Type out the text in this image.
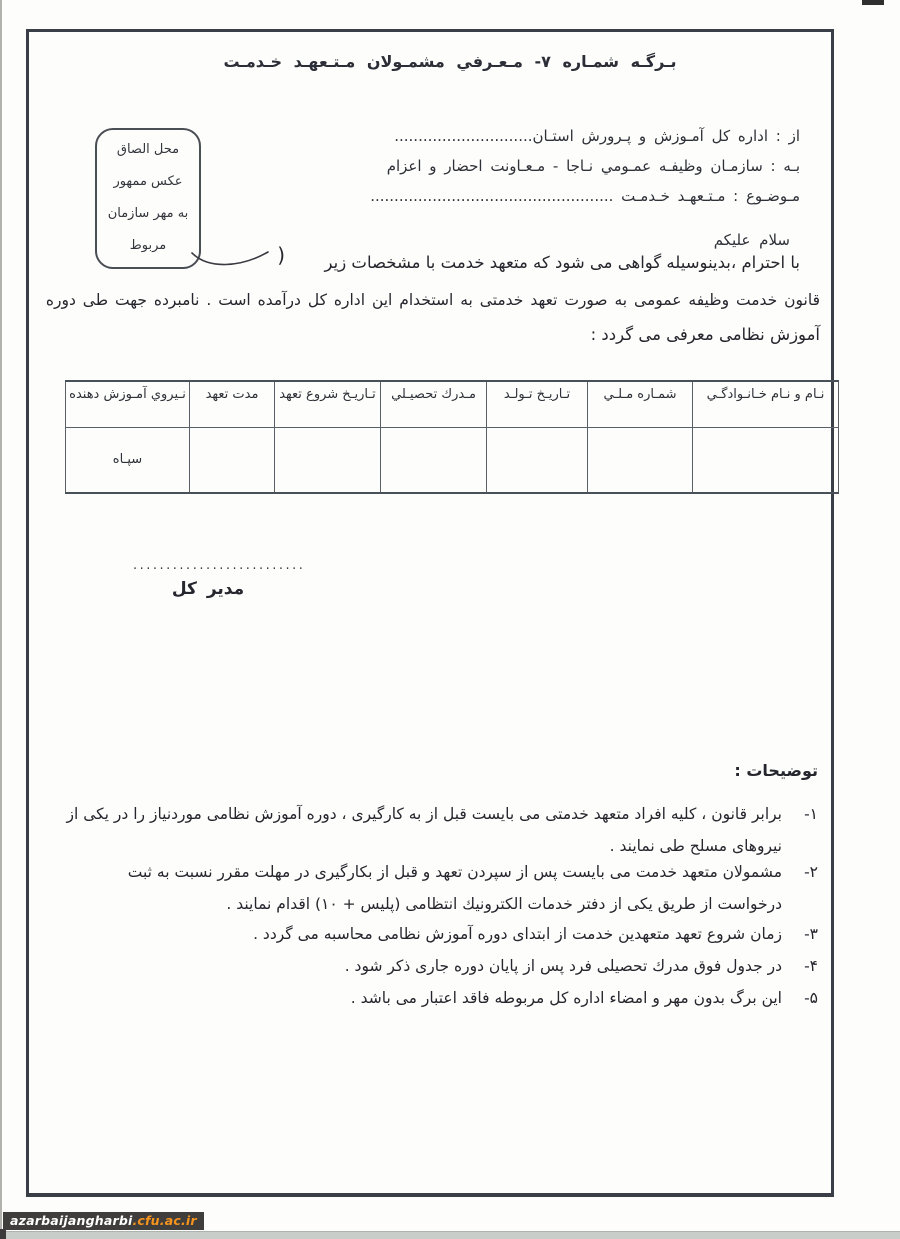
بـرگـه شمـاره ۷- مـعـرفي مشمـولان مـتـعهـد خـدمـت
محل الصاق
عكس ممهور
به مهر سازمان
مربوط
از : اداره كل آمـوزش و پـرورش استـان.............................
بـه : سازمـان وظيفـه عمـومي نـاجا - مـعـاونت احضار و اعزام
مـوضـوع : مـتـعهـد خـدمـت ...................................................
سلام عليكم
با احترام ،بدينوسيله گواهی می شود كه متعهد خدمت با مشخصات زير
)
قانون خدمت وظيفه عمومی به صورت تعهد خدمتی به استخدام اين اداره كل درآمده است . نامبرده جهت طی دوره
آموزش نظامی معرفی می گردد :
نـام و نـام خـانـوادگـي	شمـاره مـلـي	تـاريـخ تـولـد	مـدرك تحصيـلي	تـاريـخ شروع تعهد	مدت تعهد	نـيروي آمـوزش دهنده
						سپـاه
..........................
مدير كل
توضيحات :
۱-
برابر قانون ، كليه افراد متعهد خدمتی می بايست قبل از به كارگيری ، دوره آموزش نظامی موردنياز را در يكی از نيروهای مسلح طی نمايند .
۲-
مشمولان متعهد خدمت می بايست پس از سپردن تعهد و قبل از بكارگيری در مهلت مقرر نسبت به ثبت درخواست از طريق يكی از دفتر خدمات الكترونيك انتظامی (پليس + ۱۰) اقدام نمايند .
۳-
زمان شروع تعهد متعهدين خدمت از ابتدای دوره آموزش نظامی محاسبه می گردد .
۴-
در جدول فوق مدرك تحصيلی فرد پس از پايان دوره جاری ذكر شود .
۵-
اين برگ بدون مهر و امضاء اداره كل مربوطه فاقد اعتبار می باشد .
azarbaijangharbi.cfu.ac.ir
